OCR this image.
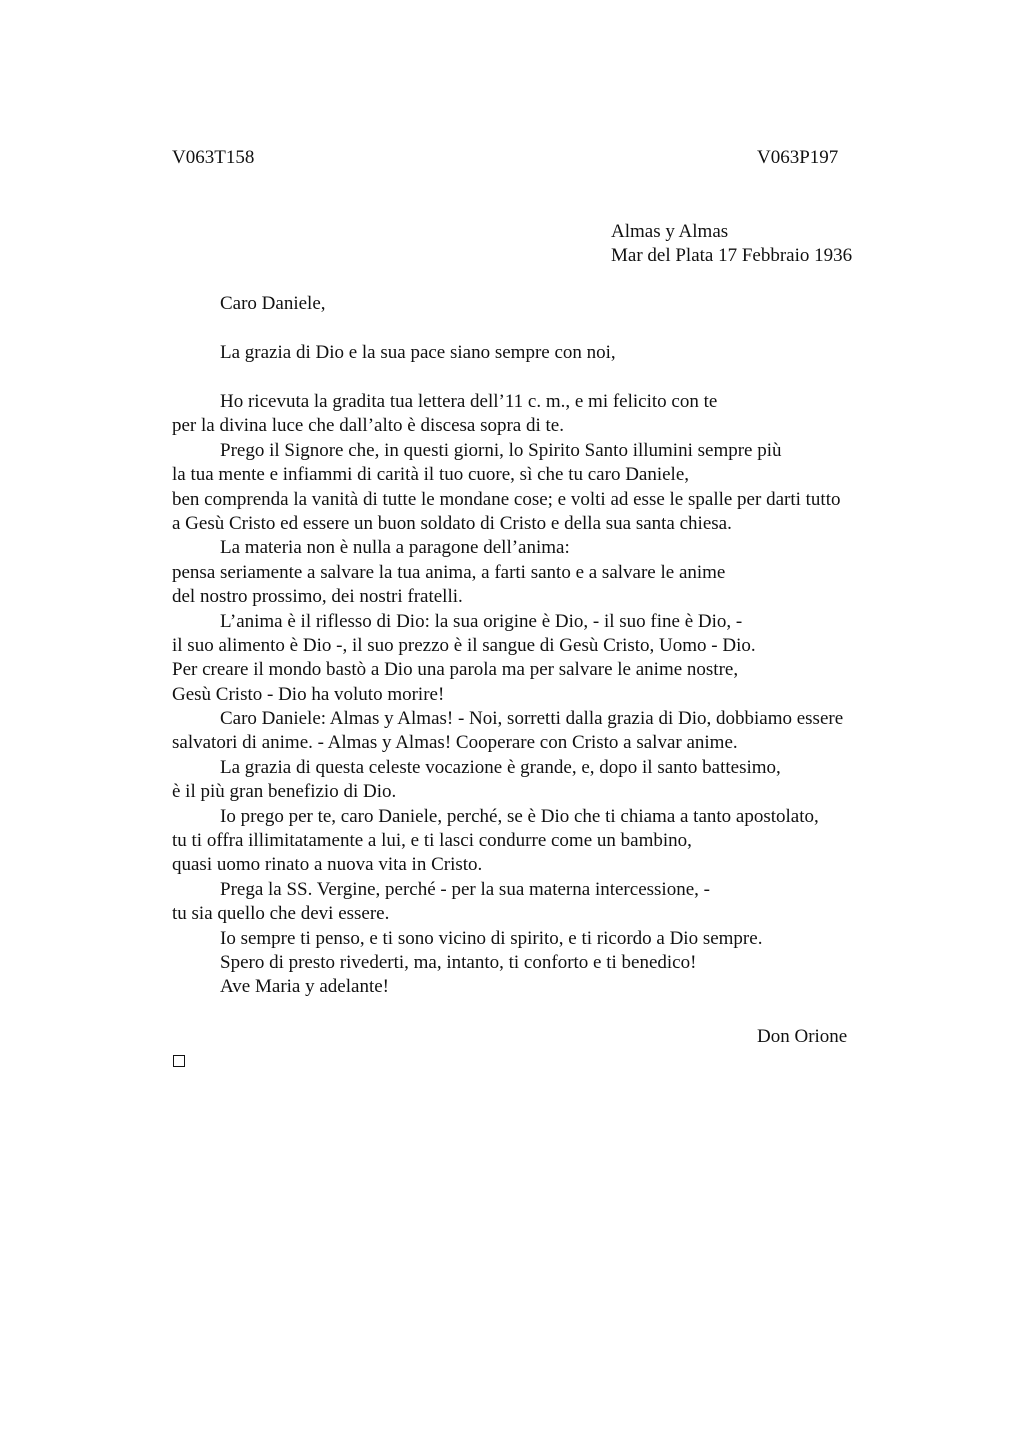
V063T158	V063P197
Almas y Almas
Mar del Plata 17 Febbraio 1936
Caro Daniele,
La grazia di Dio e la sua pace siano sempre con noi,
Ho ricevuta la gradita tua lettera dell’11 c. m., e mi felicito con te
per la divina luce che dall’alto è discesa sopra di te.
Prego il Signore che, in questi giorni, lo Spirito Santo illumini sempre più
la tua mente e infiammi di carità il tuo cuore, sì che tu caro Daniele,
ben comprenda la vanità di tutte le mondane cose; e volti ad esse le spalle per darti tutto
a Gesù Cristo ed essere un buon soldato di Cristo e della sua santa chiesa.
La materia non è nulla a paragone dell’anima:
pensa seriamente a salvare la tua anima, a farti santo e a salvare le anime
del nostro prossimo, dei nostri fratelli.
L’anima è il riflesso di Dio: la sua origine è Dio, - il suo fine è Dio, -
il suo alimento è Dio -, il suo prezzo è il sangue di Gesù Cristo, Uomo - Dio.
Per creare il mondo bastò a Dio una parola ma per salvare le anime nostre,
Gesù Cristo - Dio ha voluto morire!
Caro Daniele: Almas y Almas! - Noi, sorretti dalla grazia di Dio, dobbiamo essere
salvatori di anime. - Almas y Almas! Cooperare con Cristo a salvar anime.
La grazia di questa celeste vocazione è grande, e, dopo il santo battesimo,
è il più gran benefizio di Dio.
Io prego per te, caro Daniele, perché, se è Dio che ti chiama a tanto apostolato,
tu ti offra illimitatamente a lui, e ti lasci condurre come un bambino,
quasi uomo rinato a nuova vita in Cristo.
Prega la SS. Vergine, perché - per la sua materna intercessione, -
tu sia quello che devi essere.
Io sempre ti penso, e ti sono vicino di spirito, e ti ricordo a Dio sempre.
Spero di presto rivederti, ma, intanto, ti conforto e ti benedico!
Ave Maria y adelante!
Don Orione
